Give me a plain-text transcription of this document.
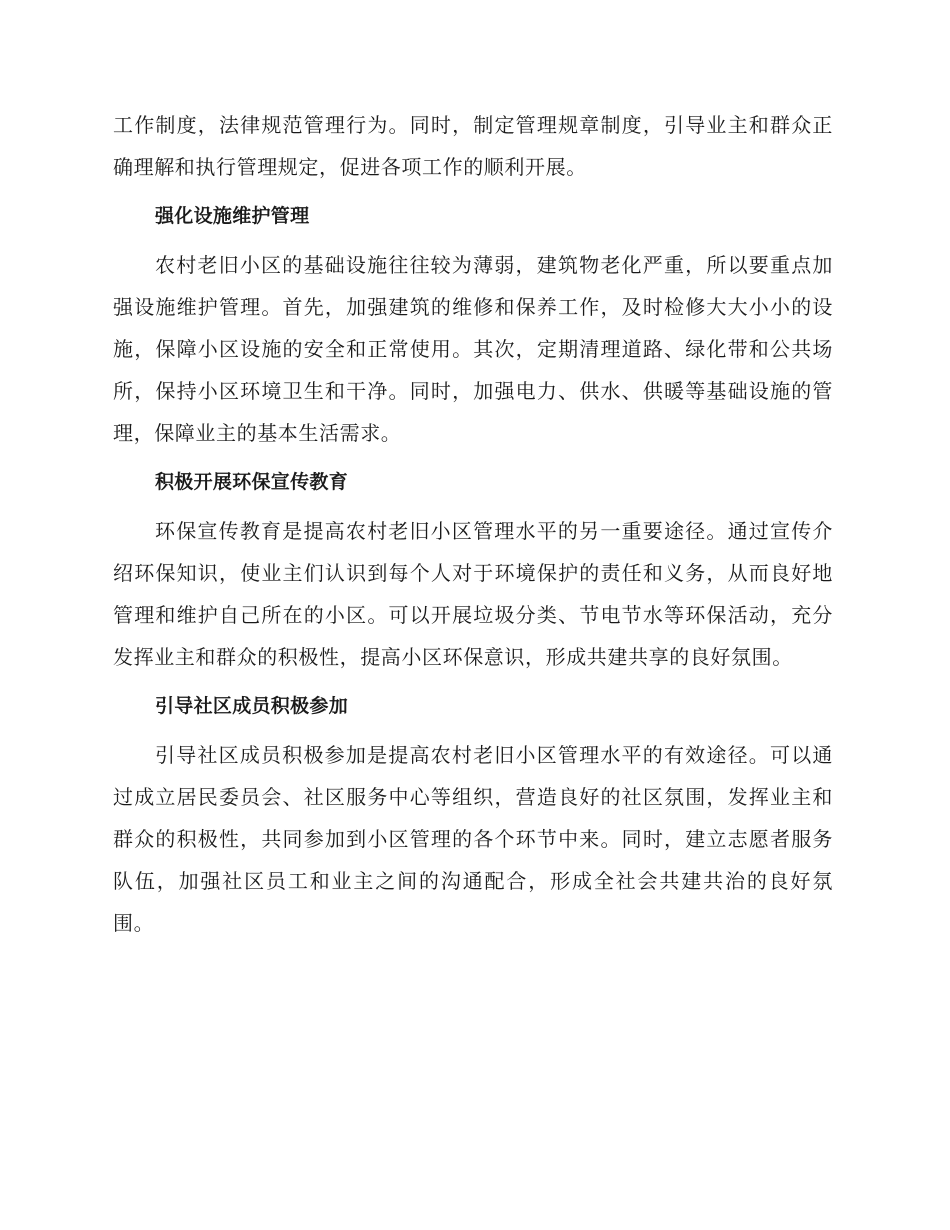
工作制度，法律规范管理行为。同时，制定管理规章制度，引导业主和群众正确理解和执行管理规定，促进各项工作的顺利开展。

强化设施维护管理

农村老旧小区的基础设施往往较为薄弱，建筑物老化严重，所以要重点加强设施维护管理。首先，加强建筑的维修和保养工作，及时检修大大小小的设施，保障小区设施的安全和正常使用。其次，定期清理道路、绿化带和公共场所，保持小区环境卫生和干净。同时，加强电力、供水、供暖等基础设施的管理，保障业主的基本生活需求。

积极开展环保宣传教育

环保宣传教育是提高农村老旧小区管理水平的另一重要途径。通过宣传介绍环保知识，使业主们认识到每个人对于环境保护的责任和义务，从而良好地管理和维护自己所在的小区。可以开展垃圾分类、节电节水等环保活动，充分发挥业主和群众的积极性，提高小区环保意识，形成共建共享的良好氛围。

引导社区成员积极参加

引导社区成员积极参加是提高农村老旧小区管理水平的有效途径。可以通过成立居民委员会、社区服务中心等组织，营造良好的社区氛围，发挥业主和群众的积极性，共同参加到小区管理的各个环节中来。同时，建立志愿者服务队伍，加强社区员工和业主之间的沟通配合，形成全社会共建共治的良好氛围。
